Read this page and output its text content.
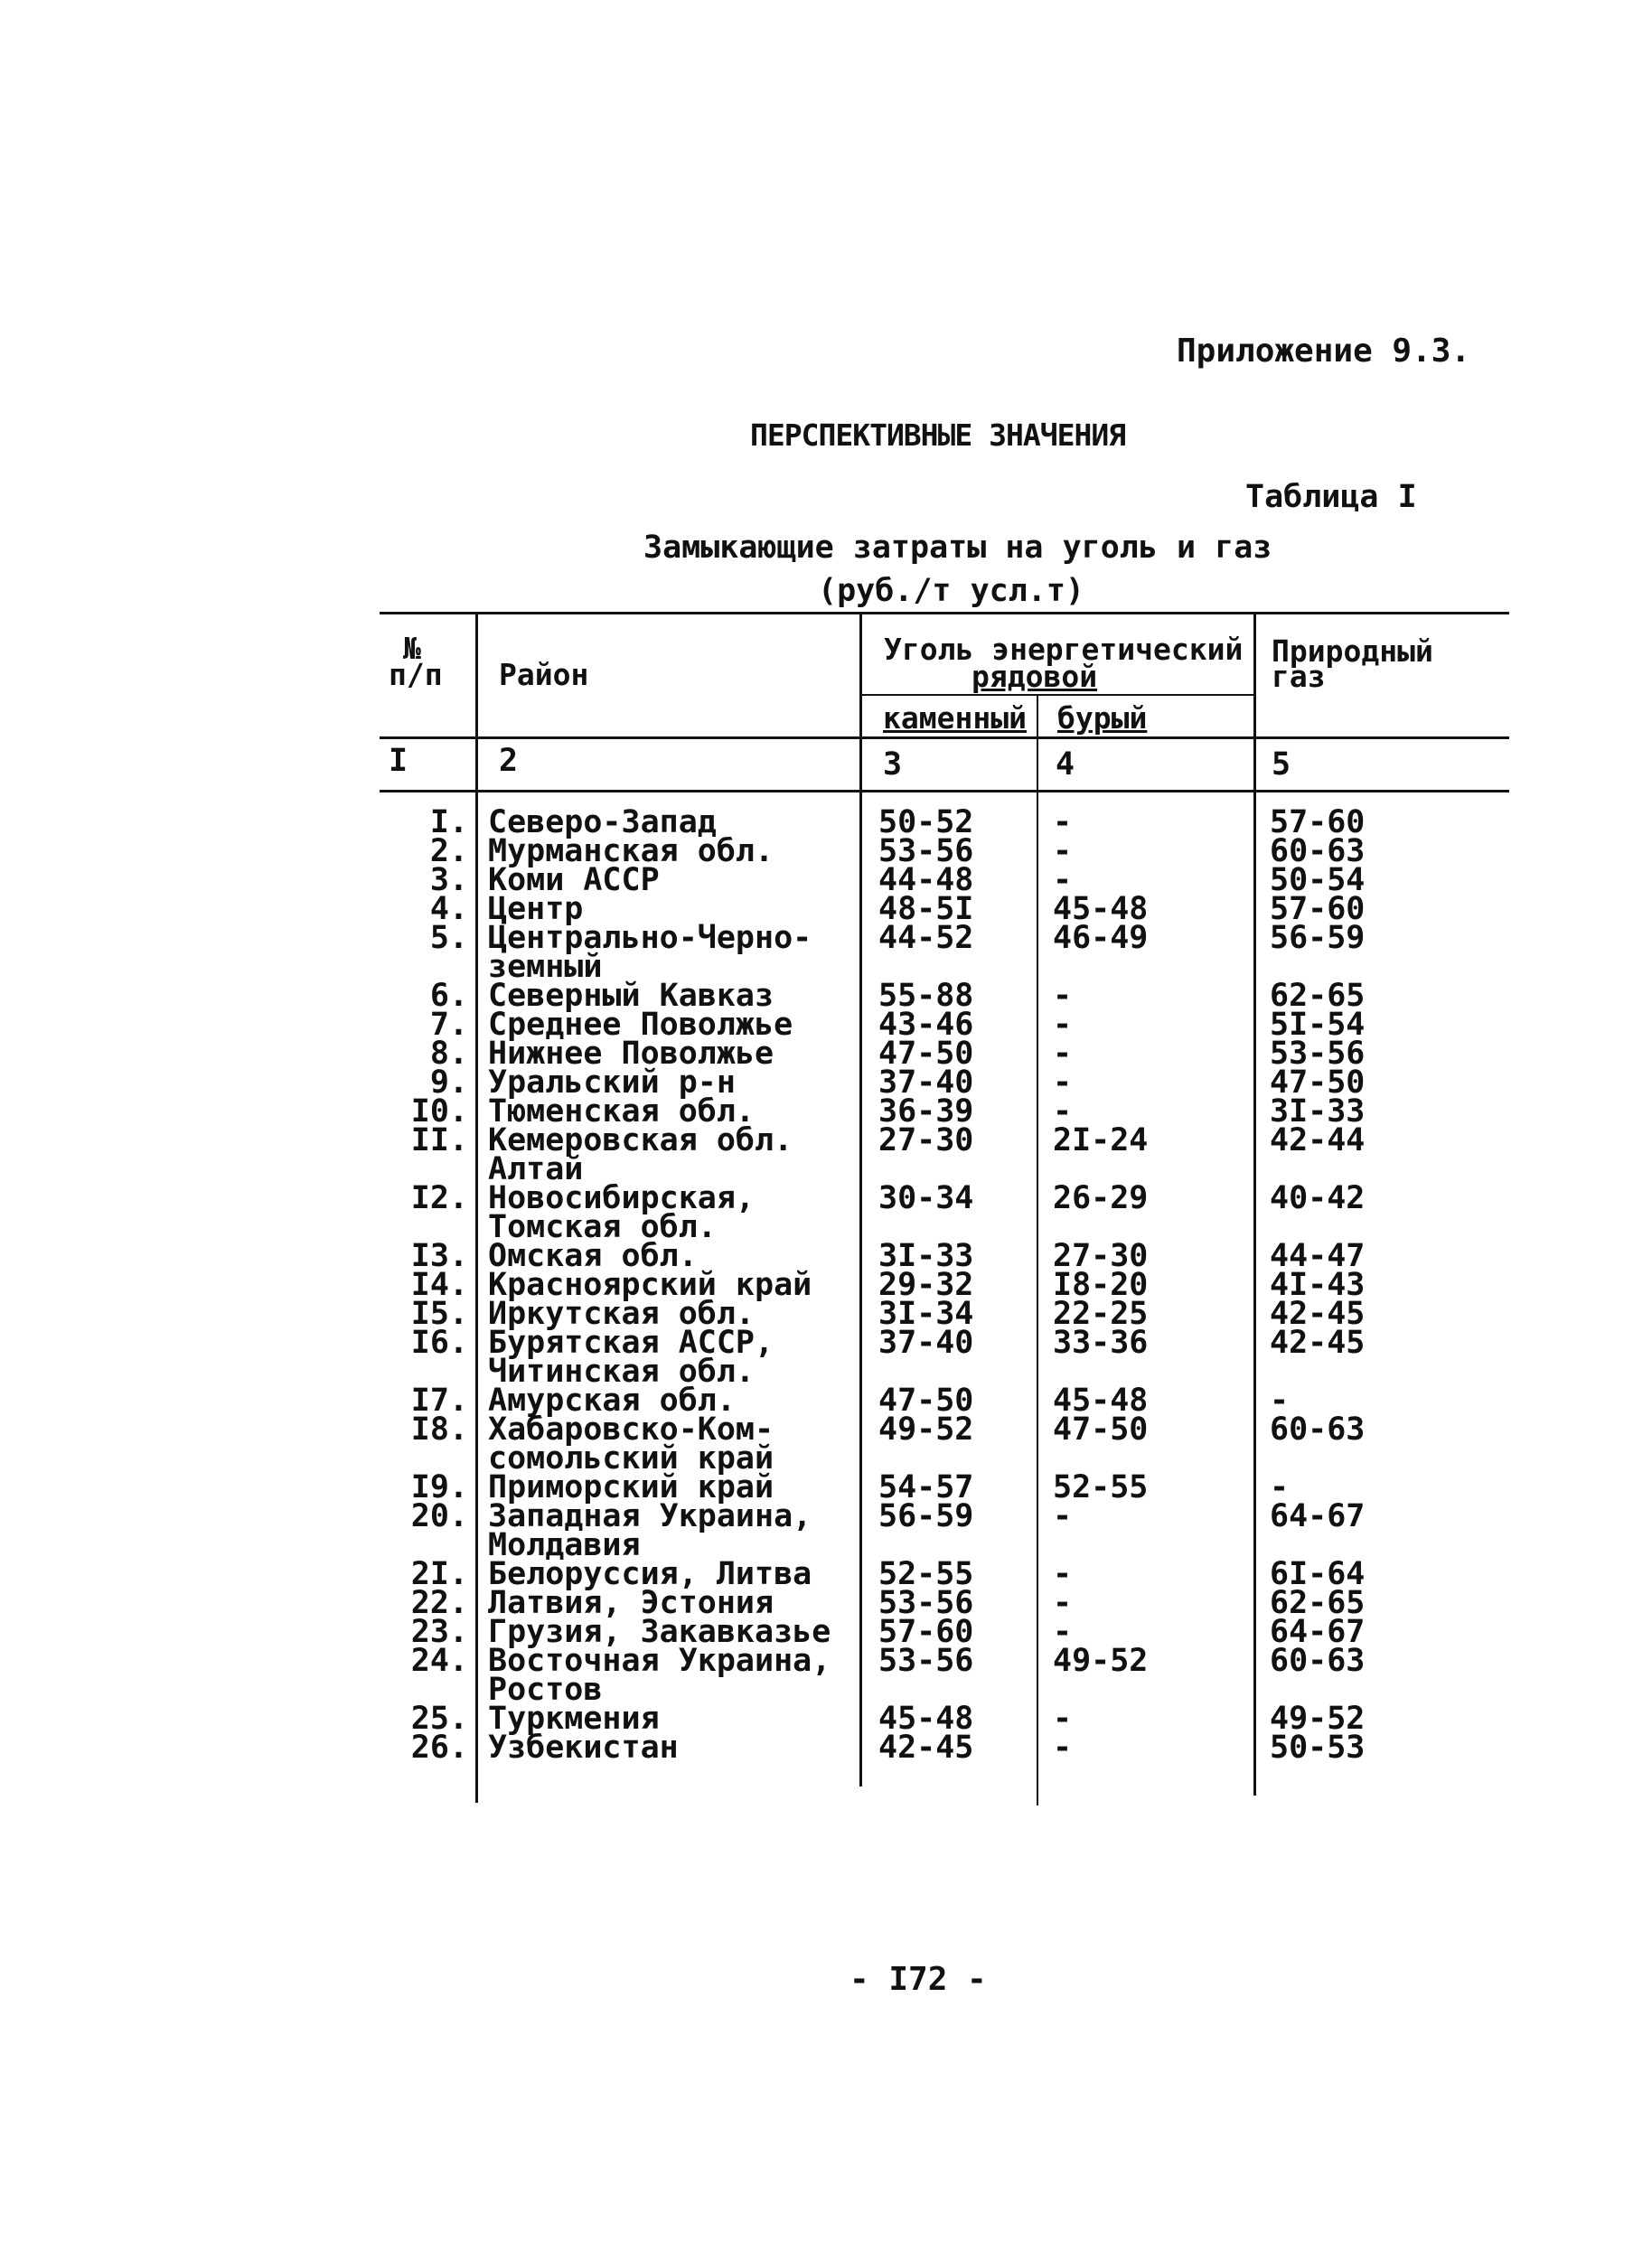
Приложение 9.3.
ПЕРСПЕКТИВНЫЕ ЗНАЧЕНИЯ
Таблица I
Замыкающие затраты на уголь и газ
(руб./т усл.т)
№
п/п Район
Уголь энергетический
рядовой
каменный бурый
Природный
газ
I	2	3	4	5
I. Северо-Запад	50-52	-	57-60
2. Мурманская обл.	53-56	-	60-63
3. Коми АССР	44-48	-	50-54
4. Центр	48-5I	45-48	57-60
5. Центрально-Черно-
земный
44-52	46-49	56-59
6. Северный Кавказ	55-88	-	62-65
7. Среднее Поволжье	43-46	-	5I-54
8. Нижнее Поволжье	47-50	-	53-56
9. Уральский р-н	37-40	-	47-50
I0. Тюменская обл.	36-39	-	3I-33
II. Кемеровская обл.
Алтай
27-30	2I-24	42-44
I2. Новосибирская,
Томская обл.
30-34	26-29	40-42
I3. Омская обл.	3I-33	27-30	44-47
I4. Красноярский край 29-32	I8-20	4I-43
I5. Иркутская обл.	3I-34	22-25	42-45
I6. Бурятская АССР,
Читинская обл.
37-40	33-36	42-45
I7. Амурская обл.	47-50	45-48	-
I8. Хабаровско-Ком-
сомольский край
49-52	47-50	60-63
I9. Приморский край	54-57	52-55	-
20. Западная Украина,
Молдавия
56-59	-	64-67
2I. Белоруссия, Литва 52-55	-	6I-64
22. Латвия, Эстония	53-56	-	62-65
23. Грузия, Закавказье 57-60	-	64-67
24. Восточная Украина,
Ростов
53-56	49-52	60-63
25. Туркмения	45-48	-	49-52
26. Узбекистан	42-45	-	50-53
- I72 -
